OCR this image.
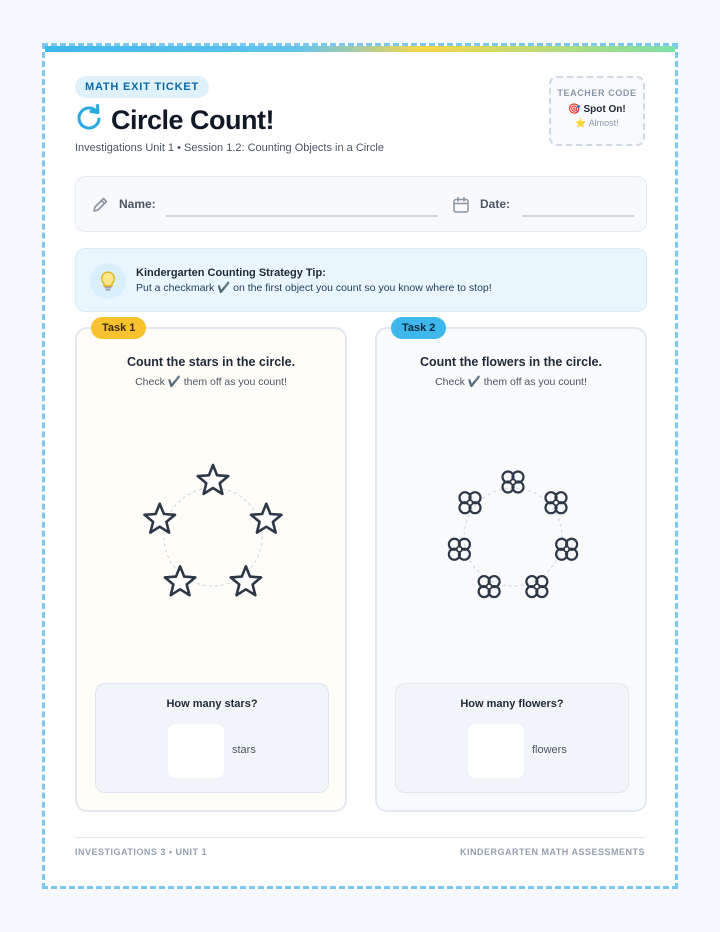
MATH EXIT TICKET
Circle Count!
Investigations Unit 1 • Session 1.2: Counting Objects in a Circle
TEACHER CODE
🎯 Spot On!
⭐ Almost!
Name:	Date:
Kindergarten Counting Strategy Tip:
Put a checkmark ✔️ on the first object you count so you know where to stop!
Task 1
Count the stars in the circle.
Check ✔️ them off as you count!
How many stars?
stars
Task 2
Count the flowers in the circle.
Check ✔️ them off as you count!
How many flowers?
flowers
INVESTIGATIONS 3 • UNIT 1	KINDERGARTEN MATH ASSESSMENTS
